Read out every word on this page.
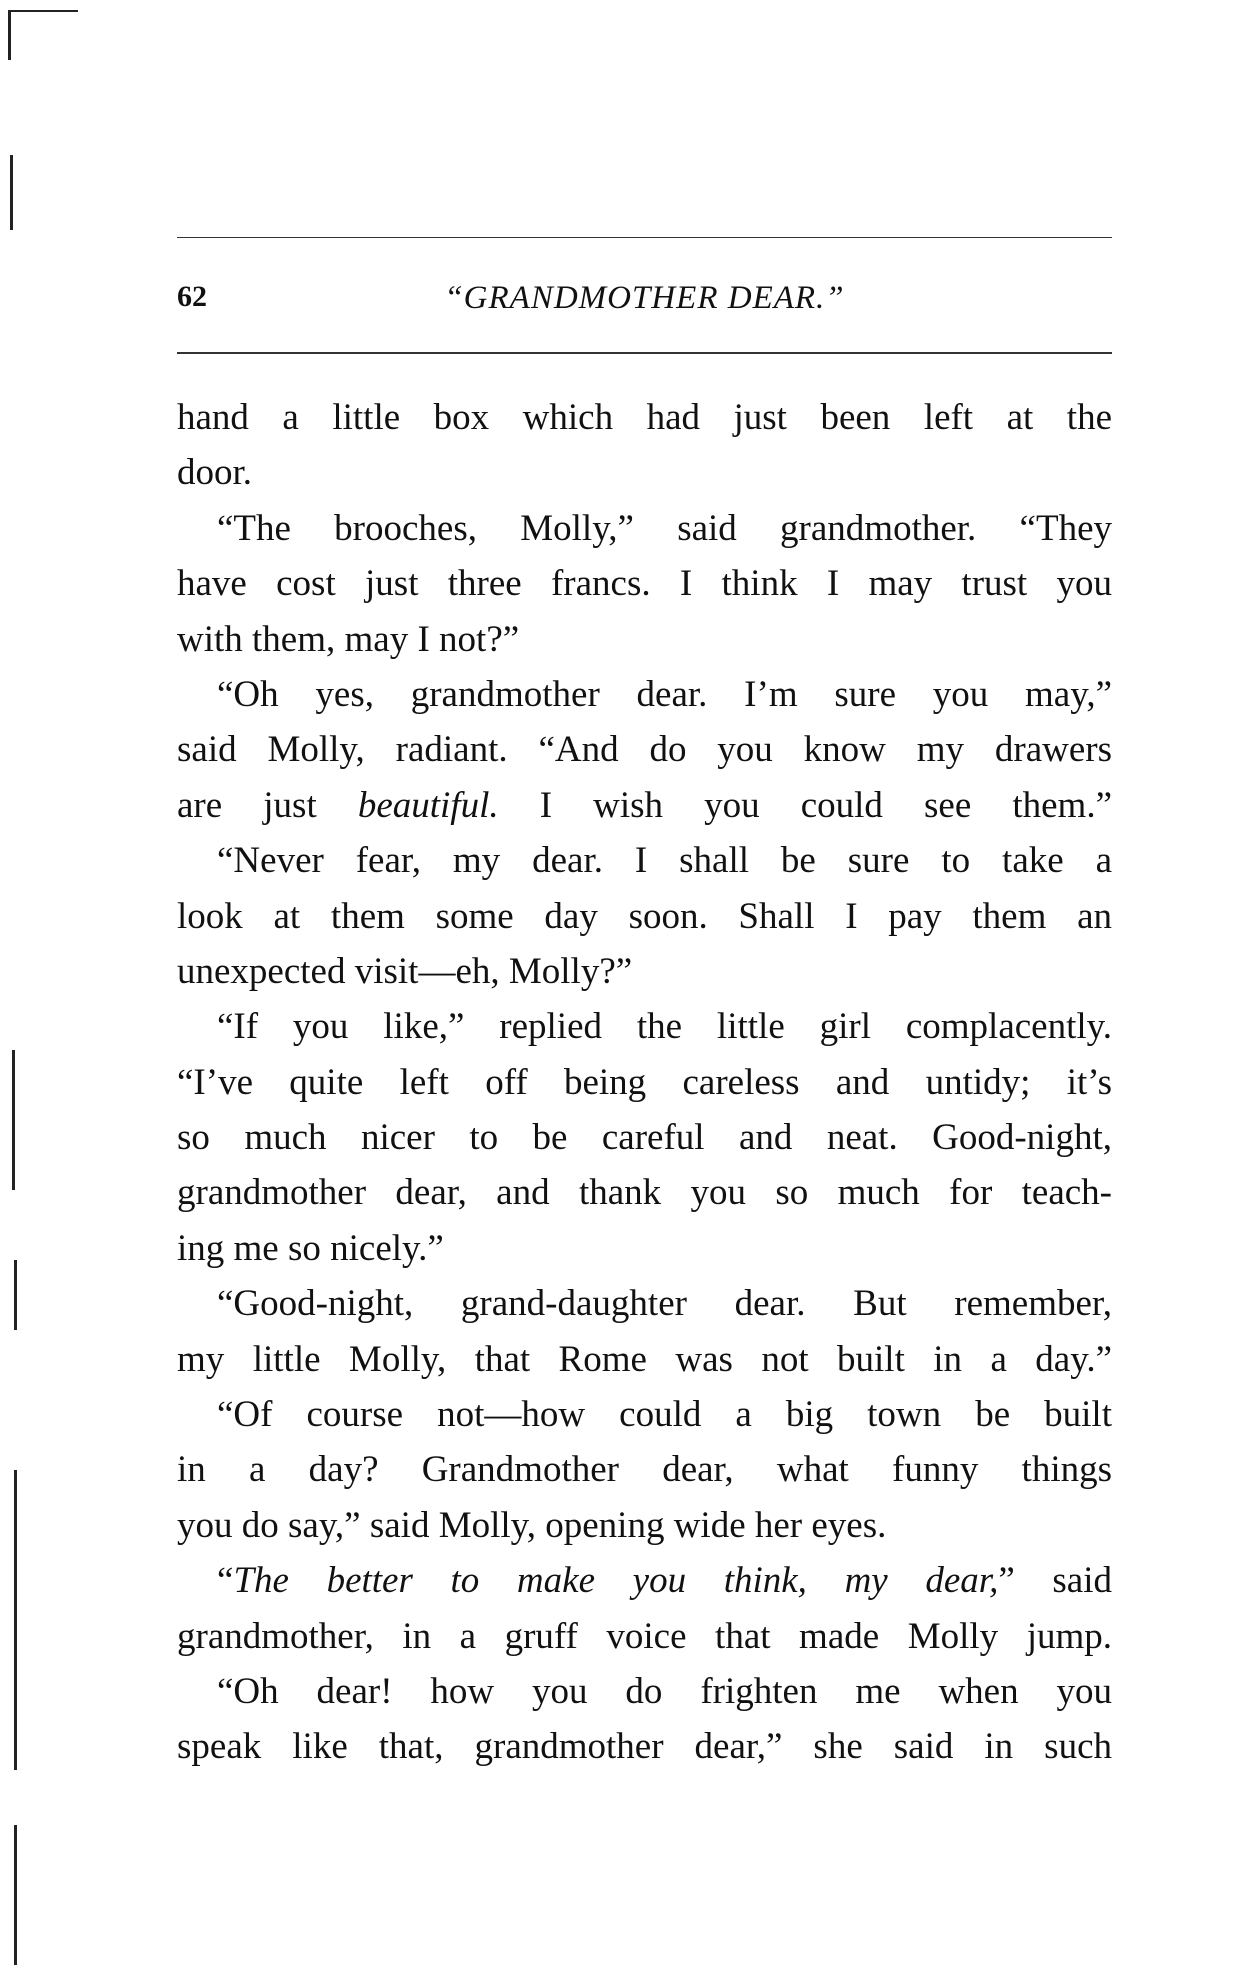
62	“GRANDMOTHER DEAR.”
hand a little box which had just been left at the
door.
“The brooches, Molly,” said grandmother. “They
have cost just three francs. I think I may trust you
with them, may I not?”
“Oh yes, grandmother dear. I’m sure you may,”
said Molly, radiant. “And do you know my drawers
are just beautiful. I wish you could see them.”
“Never fear, my dear. I shall be sure to take a
look at them some day soon. Shall I pay them an
unexpected visit—eh, Molly?”
“If you like,” replied the little girl complacently.
“I’ve quite left off being careless and untidy; it’s
so much nicer to be careful and neat. Good-night,
grandmother dear, and thank you so much for teach-
ing me so nicely.”
“Good-night, grand-daughter dear. But remember,
my little Molly, that Rome was not built in a day.”
“Of course not—how could a big town be built
in a day? Grandmother dear, what funny things
you do say,” said Molly, opening wide her eyes.
“The better to make you think, my dear,” said
grandmother, in a gruff voice that made Molly jump.
“Oh dear! how you do frighten me when you
speak like that, grandmother dear,” she said in such
